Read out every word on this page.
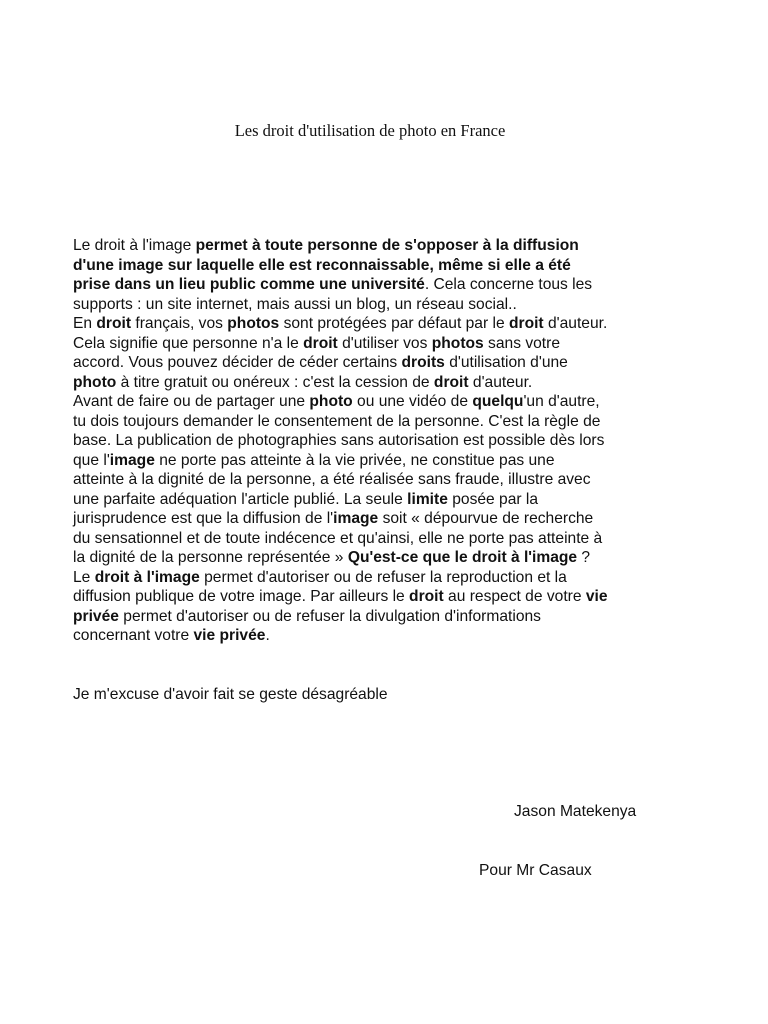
Les droit d'utilisation de photo en France
Le droit à l'image permet à toute personne de s'opposer à la diffusion
d'une image sur laquelle elle est reconnaissable, même si elle a été
prise dans un lieu public comme une université. Cela concerne tous les
supports : un site internet, mais aussi un blog, un réseau social..
En droit français, vos photos sont protégées par défaut par le droit d'auteur.
Cela signifie que personne n'a le droit d'utiliser vos photos sans votre
accord. Vous pouvez décider de céder certains droits d'utilisation d'une
photo à titre gratuit ou onéreux : c'est la cession de droit d'auteur.
Avant de faire ou de partager une photo ou une vidéo de quelqu'un d'autre,
tu dois toujours demander le consentement de la personne. C'est la règle de
base. La publication de photographies sans autorisation est possible dès lors
que l'image ne porte pas atteinte à la vie privée, ne constitue pas une
atteinte à la dignité de la personne, a été réalisée sans fraude, illustre avec
une parfaite adéquation l'article publié. La seule limite posée par la
jurisprudence est que la diffusion de l'image soit « dépourvue de recherche
du sensationnel et de toute indécence et qu'ainsi, elle ne porte pas atteinte à
la dignité de la personne représentée » Qu'est-ce que le droit à l'image ?
Le droit à l'image permet d'autoriser ou de refuser la reproduction et la
diffusion publique de votre image. Par ailleurs le droit au respect de votre vie
privée permet d'autoriser ou de refuser la divulgation d'informations
concernant votre vie privée.

Je m'excuse d'avoir fait se geste désagréable

Jason Matekenya

Pour Mr Casaux
